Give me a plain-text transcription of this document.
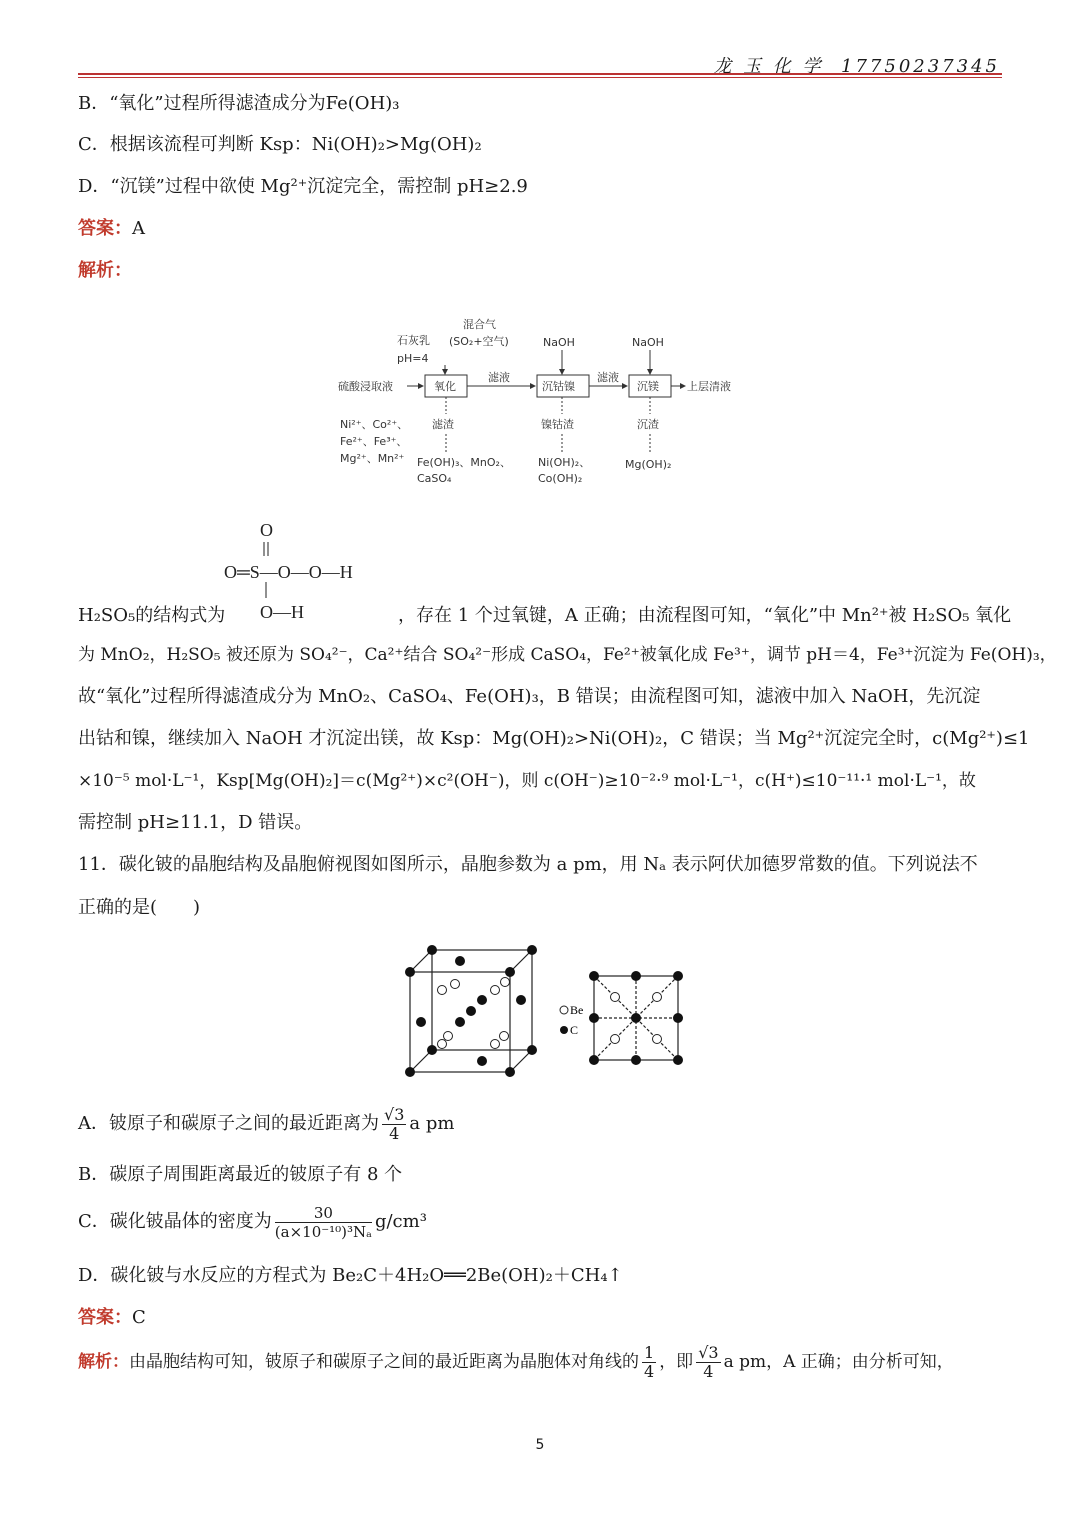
龙 玉 化 学 17750237345
B．“氧化”过程所得滤渣成分为Fe(OH)₃
C．根据该流程可判断 Ksp：Ni(OH)₂>Mg(OH)₂
D．“沉镁”过程中欲使 Mg²⁺沉淀完全，需控制 pH≥2.9
答案：A
解析：
硫酸浸取液
Ni²⁺、Co²⁺、
Fe²⁺、Fe³⁺、
Mg²⁺、Mn²⁺
石灰乳
pH=4
混合气
(SO₂+空气)
氧化
滤液
NaOH
沉钴镍
滤液
NaOH
沉镁	上层清液
滤渣
Fe(OH)₃、MnO₂、
CaSO₄
镍钴渣
Ni(OH)₂、
Co(OH)₂
沉渣
Mg(OH)₂
O
O═S—O—O—H
O—H
H₂SO₅的结构式为	，存在 1 个过氧键，A 正确；由流程图可知，“氧化”中 Mn²⁺被 H₂SO₅ 氧化
为 MnO₂，H₂SO₅ 被还原为 SO₄²⁻，Ca²⁺结合 SO₄²⁻形成 CaSO₄，Fe²⁺被氧化成 Fe³⁺，调节 pH＝4，Fe³⁺沉淀为 Fe(OH)₃，
故“氧化”过程所得滤渣成分为 MnO₂、CaSO₄、Fe(OH)₃，B 错误；由流程图可知，滤液中加入 NaOH，先沉淀
出钴和镍，继续加入 NaOH 才沉淀出镁，故 Ksp：Mg(OH)₂>Ni(OH)₂，C 错误；当 Mg²⁺沉淀完全时，c(Mg²⁺)≤1
×10⁻⁵ mol·L⁻¹，Ksp[Mg(OH)₂]＝c(Mg²⁺)×c²(OH⁻)，则 c(OH⁻)≥10⁻²·⁹ mol·L⁻¹，c(H⁺)≤10⁻¹¹·¹ mol·L⁻¹，故
需控制 pH≥11.1，D 错误。
11．碳化铍的晶胞结构及晶胞俯视图如图所示，晶胞参数为 a pm，用 Nₐ 表示阿伏加德罗常数的值。下列说法不
正确的是(　　)
Be
C
A．铍原子和碳原子之间的最近距离为 $\frac{√3}{4}$ a pm
B．碳原子周围距离最近的铍原子有 8 个
C．碳化铍晶体的密度为 $\frac{30}{\text{(a×10⁻¹⁰)³Nₐ}} g/cm^3$
D．碳化铍与水反应的方程式为 Be₂C＋4H₂O══2Be(OH)₂＋CH₄↑
答案：C
解析：由晶胞结构可知，铍原子和碳原子之间的最近距离为晶胞体对角线的 $\frac{1}{4}$ ，即 $\frac{√3}{4}$ a pm，A 正确；由分析可知，
5
